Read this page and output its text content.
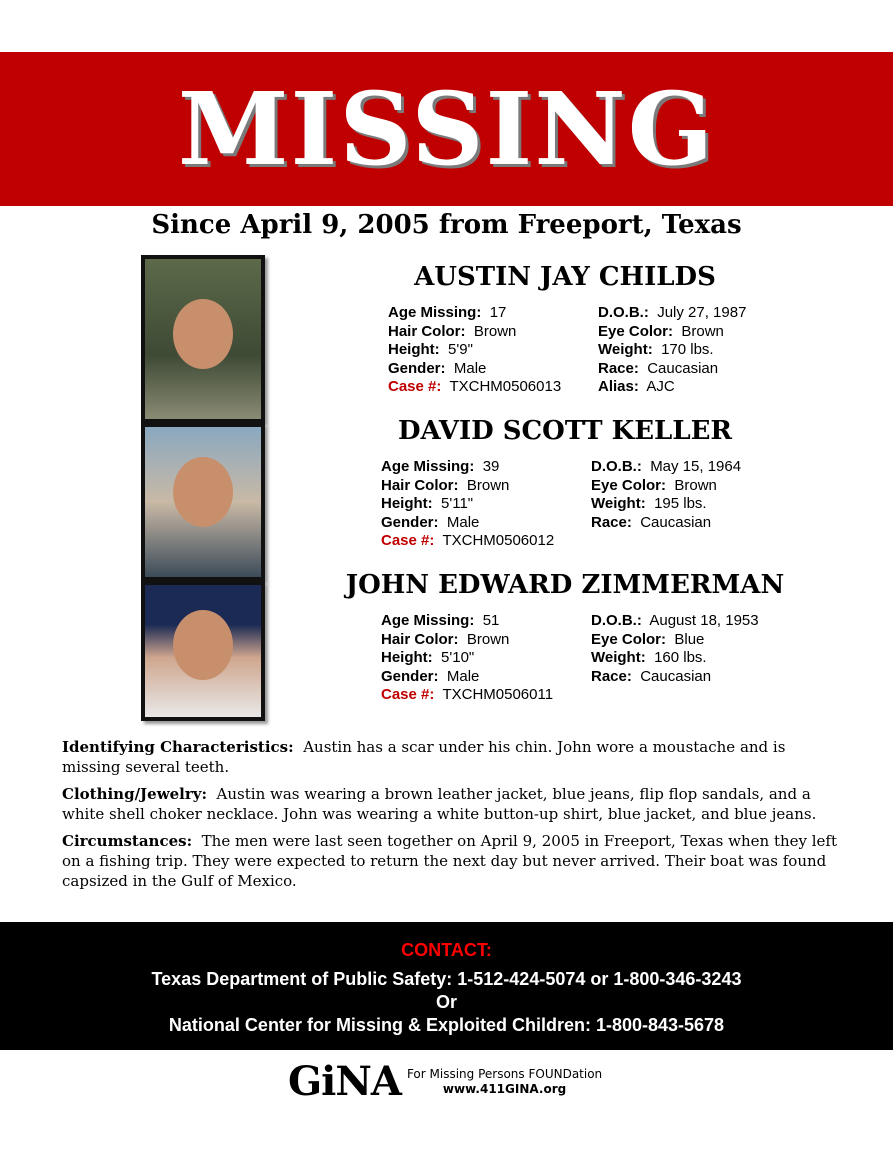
MISSING
Since April 9, 2005 from Freeport, Texas
AUSTIN JAY CHILDS
Age Missing: 17	D.O.B.: July 27, 1987
Hair Color: Brown	Eye Color: Brown
Height: 5'9"	Weight: 170 lbs.
Gender: Male	Race: Caucasian
Case #: TXCHM0506013	Alias: AJC
DAVID SCOTT KELLER
Age Missing: 39	D.O.B.: May 15, 1964
Hair Color: Brown	Eye Color: Brown
Height: 5'11"	Weight: 195 lbs.
Gender: Male	Race: Caucasian
Case #: TXCHM0506012
JOHN EDWARD ZIMMERMAN
Age Missing: 51	D.O.B.: August 18, 1953
Hair Color: Brown	Eye Color: Blue
Height: 5'10"	Weight: 160 lbs.
Gender: Male	Race: Caucasian
Case #: TXCHM0506011

Identifying Characteristics: Austin has a scar under his chin. John wore a moustache and is missing several teeth.

Clothing/Jewelry: Austin was wearing a brown leather jacket, blue jeans, flip flop sandals, and a white shell choker necklace. John was wearing a white button-up shirt, blue jacket, and blue jeans.

Circumstances: The men were last seen together on April 9, 2005 in Freeport, Texas when they left on a fishing trip. They were expected to return the next day but never arrived. Their boat was found capsized in the Gulf of Mexico.

CONTACT:
Texas Department of Public Safety: 1-512-424-5074 or 1-800-346-3243
Or
National Center for Missing & Exploited Children: 1-800-843-5678
GiNA For Missing Persons FOUNDation
www.411GINA.org
